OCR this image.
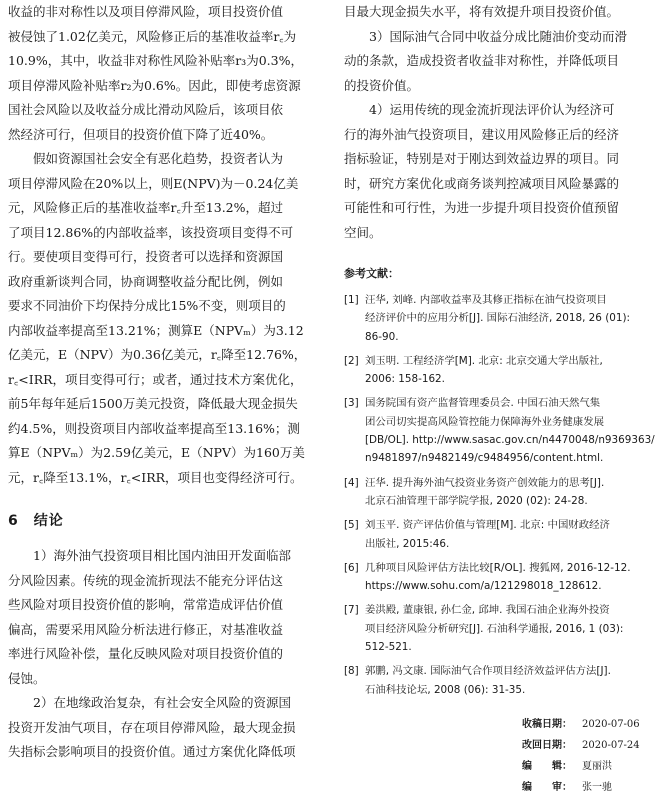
收益的非对称性以及项目停滞风险，项目投资价值
被侵蚀了1.02亿美元，风险修正后的基准收益率r꜀为
10.9%，其中，收益非对称性风险补贴率r₃为0.3%，
项目停滞风险补贴率r₂为0.6%。因此，即使考虑资源
国社会风险以及收益分成比滑动风险后，该项目依
然经济可行，但项目的投资价值下降了近40%。

假如资源国社会安全有恶化趋势，投资者认为
项目停滞风险在20%以上，则E(NPV)为－0.24亿美
元，风险修正后的基准收益率r꜀升至13.2%，超过
了项目12.86%的内部收益率，该投资项目变得不可
行。要使项目变得可行，投资者可以选择和资源国
政府重新谈判合同，协商调整收益分配比例，例如
要求不同油价下均保持分成比15%不变，则项目的
内部收益率提高至13.21%；测算E（NPVₘ）为3.12
亿美元，E（NPV）为0.36亿美元，r꜀降至12.76%，
r꜀<IRR，项目变得可行；或者，通过技术方案优化，
前5年每年延后1500万美元投资，降低最大现金损失
约4.5%，则投资项目内部收益率提高至13.16%；测
算E（NPVₘ）为2.59亿美元，E（NPV）为160万美
元，r꜀降至13.1%，r꜀<IRR，项目也变得经济可行。

6　结论

1）海外油气投资项目相比国内油田开发面临部
分风险因素。传统的现金流折现法不能充分评估这
些风险对项目投资价值的影响，常常造成评估价值
偏高，需要采用风险分析法进行修正，对基准收益
率进行风险补偿，量化反映风险对项目投资价值的
侵蚀。

2）在地缘政治复杂，有社会安全风险的资源国
投资开发油气项目，存在项目停滞风险，最大现金损
失指标会影响项目的投资价值。通过方案优化降低项

目最大现金损失水平，将有效提升项目投资价值。

3）国际油气合同中收益分成比随油价变动而滑
动的条款，造成投资者收益非对称性，并降低项目
的投资价值。

4）运用传统的现金流折现法评价认为经济可
行的海外油气投资项目，建议用风险修正后的经济
指标验证，特别是对于刚达到效益边界的项目。同
时，研究方案优化或商务谈判控减项目风险暴露的
可能性和可行性，为进一步提升项目投资价值预留
空间。

参考文献：
[1] 汪华, 刘峰. 内部收益率及其修正指标在油气投资项目
经济评价中的应用分析[J]. 国际石油经济, 2018, 26 (01):
86-90.
[2] 刘玉明. 工程经济学[M]. 北京: 北京交通大学出版社,
2006: 158-162.
[3] 国务院国有资产监督管理委员会. 中国石油天然气集
团公司切实提高风险管控能力保障海外业务健康发展
[DB/OL]. http://www.sasac.gov.cn/n4470048/n9369363/
n9481897/n9482149/c9484956/content.html.
[4] 汪华. 提升海外油气投资业务资产创效能力的思考[J].
北京石油管理干部学院学报, 2020 (02): 24-28.
[5] 刘玉平. 资产评估价值与管理[M]. 北京: 中国财政经济
出版社, 2015:46.
[6] 几种项目风险评估方法比较[R/OL]. 搜狐网, 2016-12-12.
https://www.sohu.com/a/121298018_128612.
[7] 姜洪殿, 董康银, 孙仁金, 邱坤. 我国石油企业海外投资
项目经济风险分析研究[J]. 石油科学通报, 2016, 1 (03):
512-521.
[8] 郭鹏, 冯文康. 国际油气合作项目经济效益评估方法[J].
石油科技论坛, 2008 (06): 31-35.
收稿日期： 2020-07-06
改回日期： 2020-07-24
编　　辑： 夏丽洪
编　　审： 张一驰
